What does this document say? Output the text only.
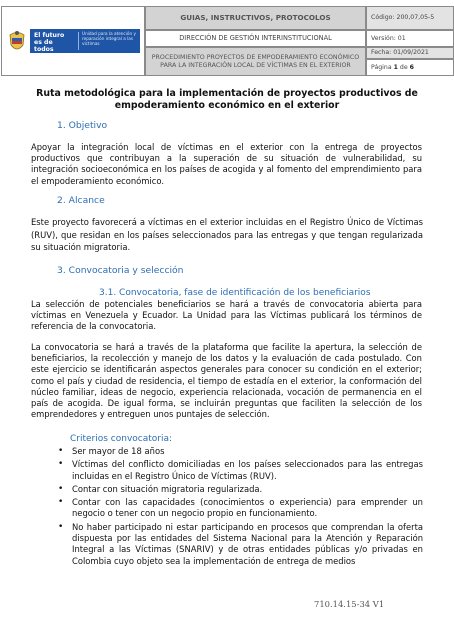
El futuro es de todos
Unidad para la atención y reparación integral a las víctimas
GUIAS, INSTRUCTIVOS, PROTOCOLOS
DIRECCIÓN DE GESTIÓN INTERINSTITUCIONAL
PROCEDIMIENTO PROYECTOS DE EMPODERAMIENTO ECONÓMICO PARA LA INTEGRACIÓN LOCAL DE VÍCTIMAS EN EL EXTERIOR
Código: 200,07,05-5
Versión: 01
Fecha: 01/09/2021
Página 1 de 6
Ruta metodológica para la implementación de proyectos productivos de empoderamiento económico en el exterior
1. Objetivo
Apoyar la integración local de víctimas en el exterior con la entrega de proyectos productivos que contribuyan a la superación de su situación de vulnerabilidad, su integración socioeconómica en los países de acogida y al fomento del emprendimiento para el empoderamiento económico.
2. Alcance
Este proyecto favorecerá a víctimas en el exterior incluidas en el Registro Único de Víctimas (RUV), que residan en los países seleccionados para las entregas y que tengan regularizada su situación migratoria.
3. Convocatoria y selección
3.1. Convocatoria, fase de identificación de los beneficiarios
La selección de potenciales beneficiarios se hará a través de convocatoria abierta para víctimas en Venezuela y Ecuador. La Unidad para las Víctimas publicará los términos de referencia de la convocatoria.
La convocatoria se hará a través de la plataforma que facilite la apertura, la selección de beneficiarios, la recolección y manejo de los datos y la evaluación de cada postulado. Con este ejercicio se identificarán aspectos generales para conocer su condición en el exterior; como el país y ciudad de residencia, el tiempo de estadía en el exterior, la conformación del núcleo familiar, ideas de negocio, experiencia relacionada, vocación de permanencia en el país de acogida. De igual forma, se incluirán preguntas que faciliten la selección de los emprendedores y entreguen unos puntajes de selección.
Criterios convocatoria:
• Ser mayor de 18 años
• Víctimas del conflicto domiciliadas en los países seleccionados para las entregas incluidas en el Registro Único de Víctimas (RUV).
• Contar con situación migratoria regularizada.
• Contar con las capacidades (conocimientos o experiencia) para emprender un negocio o tener con un negocio propio en funcionamiento.
• No haber participado ni estar participando en procesos que comprendan la oferta dispuesta por las entidades del Sistema Nacional para la Atención y Reparación Integral a las Víctimas (SNARIV) y de otras entidades públicas y/o privadas en Colombia cuyo objeto sea la implementación de entrega de medios
710.14.15-34 V1
